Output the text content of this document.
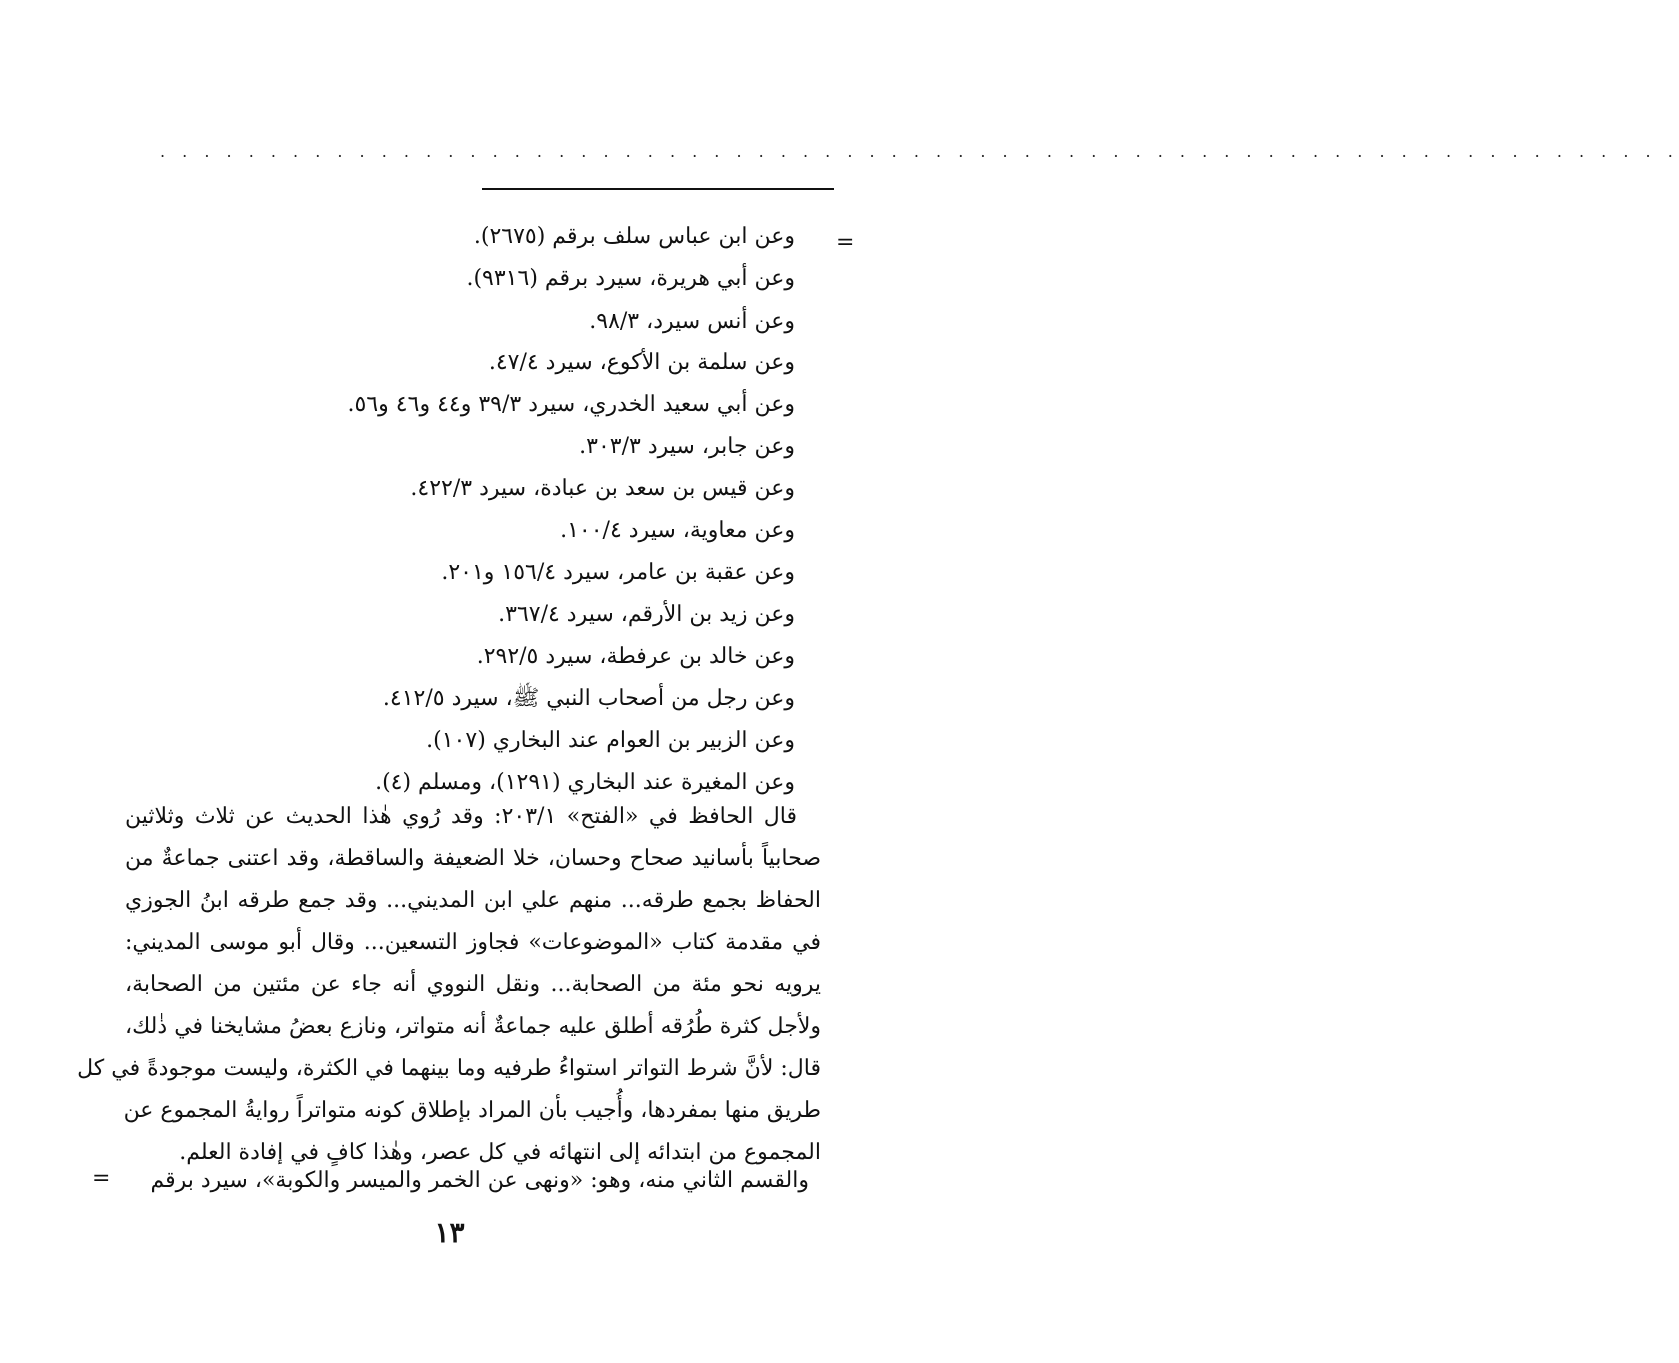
. . . . . . . . . . . . . . . . . . . . . . . . . . . . . . . . . . . . . . . . . . . . . . . . . . . . . . . . . . . . . . . . . . . . .
=
وعن ابن عباس سلف برقم (٢٦٧٥).
وعن أبي هريرة، سيرد برقم (٩٣١٦).
وعن أنس سيرد، ٩٨/٣.
وعن سلمة بن الأكوع، سيرد ٤٧/٤.
وعن أبي سعيد الخدري، سيرد ٣٩/٣ و٤٤ و٤٦ و٥٦.
وعن جابر، سيرد ٣٠٣/٣.
وعن قيس بن سعد بن عبادة، سيرد ٤٢٢/٣.
وعن معاوية، سيرد ١٠٠/٤.
وعن عقبة بن عامر، سيرد ١٥٦/٤ و٢٠١.
وعن زيد بن الأرقم، سيرد ٣٦٧/٤.
وعن خالد بن عرفطة، سيرد ٢٩٢/٥.
وعن رجل من أصحاب النبي ﷺ، سيرد ٤١٢/٥.
وعن الزبير بن العوام عند البخاري (١٠٧).
وعن المغيرة عند البخاري (١٢٩١)، ومسلم (٤).
قال الحافظ في «الفتح» ٢٠٣/١: وقد رُوي هٰذا الحديث عن ثلاث وثلاثين
صحابياً بأسانيد صحاح وحسان، خلا الضعيفة والساقطة، وقد اعتنى جماعةٌ من
الحفاظ بجمع طرقه... منهم علي ابن المديني... وقد جمع طرقه ابنُ الجوزي
في مقدمة كتاب «الموضوعات» فجاوز التسعين... وقال أبو موسى المديني:
يرويه نحو مئة من الصحابة... ونقل النووي أنه جاء عن مئتين من الصحابة،
ولأجل كثرة طُرُقه أطلق عليه جماعةٌ أنه متواتر، ونازع بعضُ مشايخنا في ذٰلك،
قال: لأنَّ شرط التواتر استواءُ طرفيه وما بينهما في الكثرة، وليست موجودةً في كل
طريق منها بمفردها، وأُجيب بأن المراد بإطلاق كونه متواتراً روايةُ المجموع عن
المجموع من ابتدائه إلى انتهائه في كل عصر، وهٰذا كافٍ في إفادة العلم.
والقسم الثاني منه، وهو: «ونهى عن الخمر والميسر والكوبة»، سيرد برقم
=
١٣
